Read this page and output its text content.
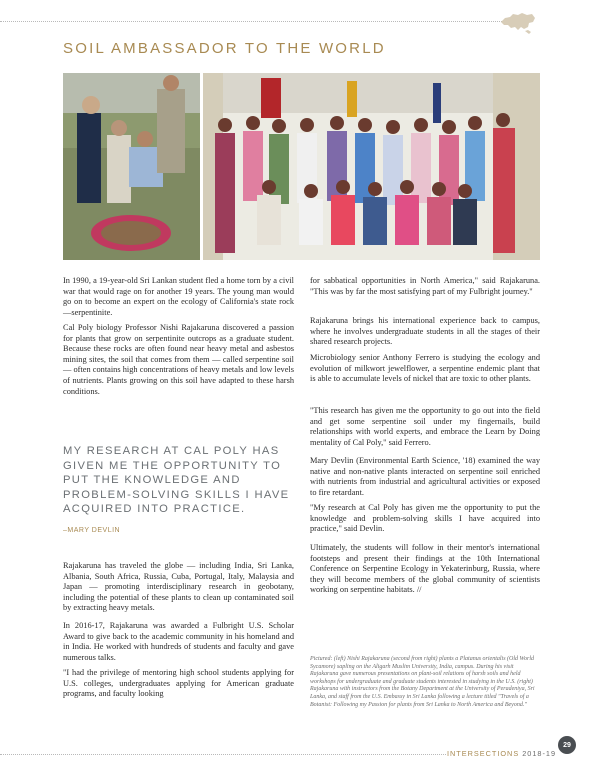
SOIL AMBASSADOR TO THE WORLD

In 1990, a 19-year-old Sri Lankan student fled a home torn by a civil war that would rage on for another 19 years. The young man would go on to become an expert on the ecology of California's state rock —serpentinite.

Cal Poly biology Professor Nishi Rajakaruna discovered a passion for plants that grow on serpentinite outcrops as a graduate student. Because these rocks are often found near heavy metal and asbestos mining sites, the soil that comes from them — called serpentine soil — often contains high concentrations of heavy metals and low levels of nutrients. Plants growing on this soil have adapted to these harsh conditions.

Rajakaruna has traveled the globe — including India, Sri Lanka, Albania, South Africa, Russia, Cuba, Portugal, Italy, Malaysia and Japan — promoting interdisciplinary research in geobotany, including the potential of these plants to clean up contaminated soil by extracting heavy metals.

In 2016-17, Rajakaruna was awarded a Fulbright U.S. Scholar Award to give back to the academic community in his homeland and in India. He worked with hundreds of students and faculty and gave numerous talks.

"I had the privilege of mentoring high school students applying for U.S. colleges, undergraduates applying for American graduate programs, and faculty looking

MY RESEARCH AT CAL POLY HAS GIVEN ME THE OPPORTUNITY TO PUT THE KNOWLEDGE AND PROBLEM-SOLVING SKILLS I HAVE ACQUIRED INTO PRACTICE.
–MARY DEVLIN

for sabbatical opportunities in North America," said Rajakaruna. "This was by far the most satisfying part of my Fulbright journey."

Rajakaruna brings his international experience back to campus, where he involves undergraduate students in all the stages of their shared research projects.

Microbiology senior Anthony Ferrero is studying the ecology and evolution of milkwort jewelflower, a serpentine endemic plant that is able to accumulate levels of nickel that are toxic to other plants.

"This research has given me the opportunity to go out into the field and get some serpentine soil under my fingernails, build relationships with world experts, and embrace the Learn by Doing mentality of Cal Poly," said Ferrero.

Mary Devlin (Environmental Earth Science, '18) examined the way native and non-native plants interacted on serpentine soil enriched with nutrients from industrial and agricultural activities or exposed to fire retardant.

"My research at Cal Poly has given me the opportunity to put the knowledge and problem-solving skills I have acquired into practice," said Devlin.

Ultimately, the students will follow in their mentor's international footsteps and present their findings at the 10th International Conference on Serpentine Ecology in Yekaterinburg, Russia, where they will become members of the global community of scientists working on serpentine habitats. //

Pictured: (left) Nishi Rajakaruna (second from right) plants a Platanus orientalis (Old World Sycamore) sapling on the Aligarh Muslim University, India, campus. During his visit Rajakaruna gave numerous presentations on plant-soil relations of harsh soils and held workshops for undergraduate and graduate students interested in studying in the U.S. (right) Rajakaruna with instructors from the Botany Department at the University of Peradeniya, Sri Lanka, and staff from the U.S. Embassy in Sri Lanka following a lecture titled "Travels of a Botanist: Following my Passion for plants from Sri Lanka to North America and Beyond."
INTERSECTIONS 2018-19
29
